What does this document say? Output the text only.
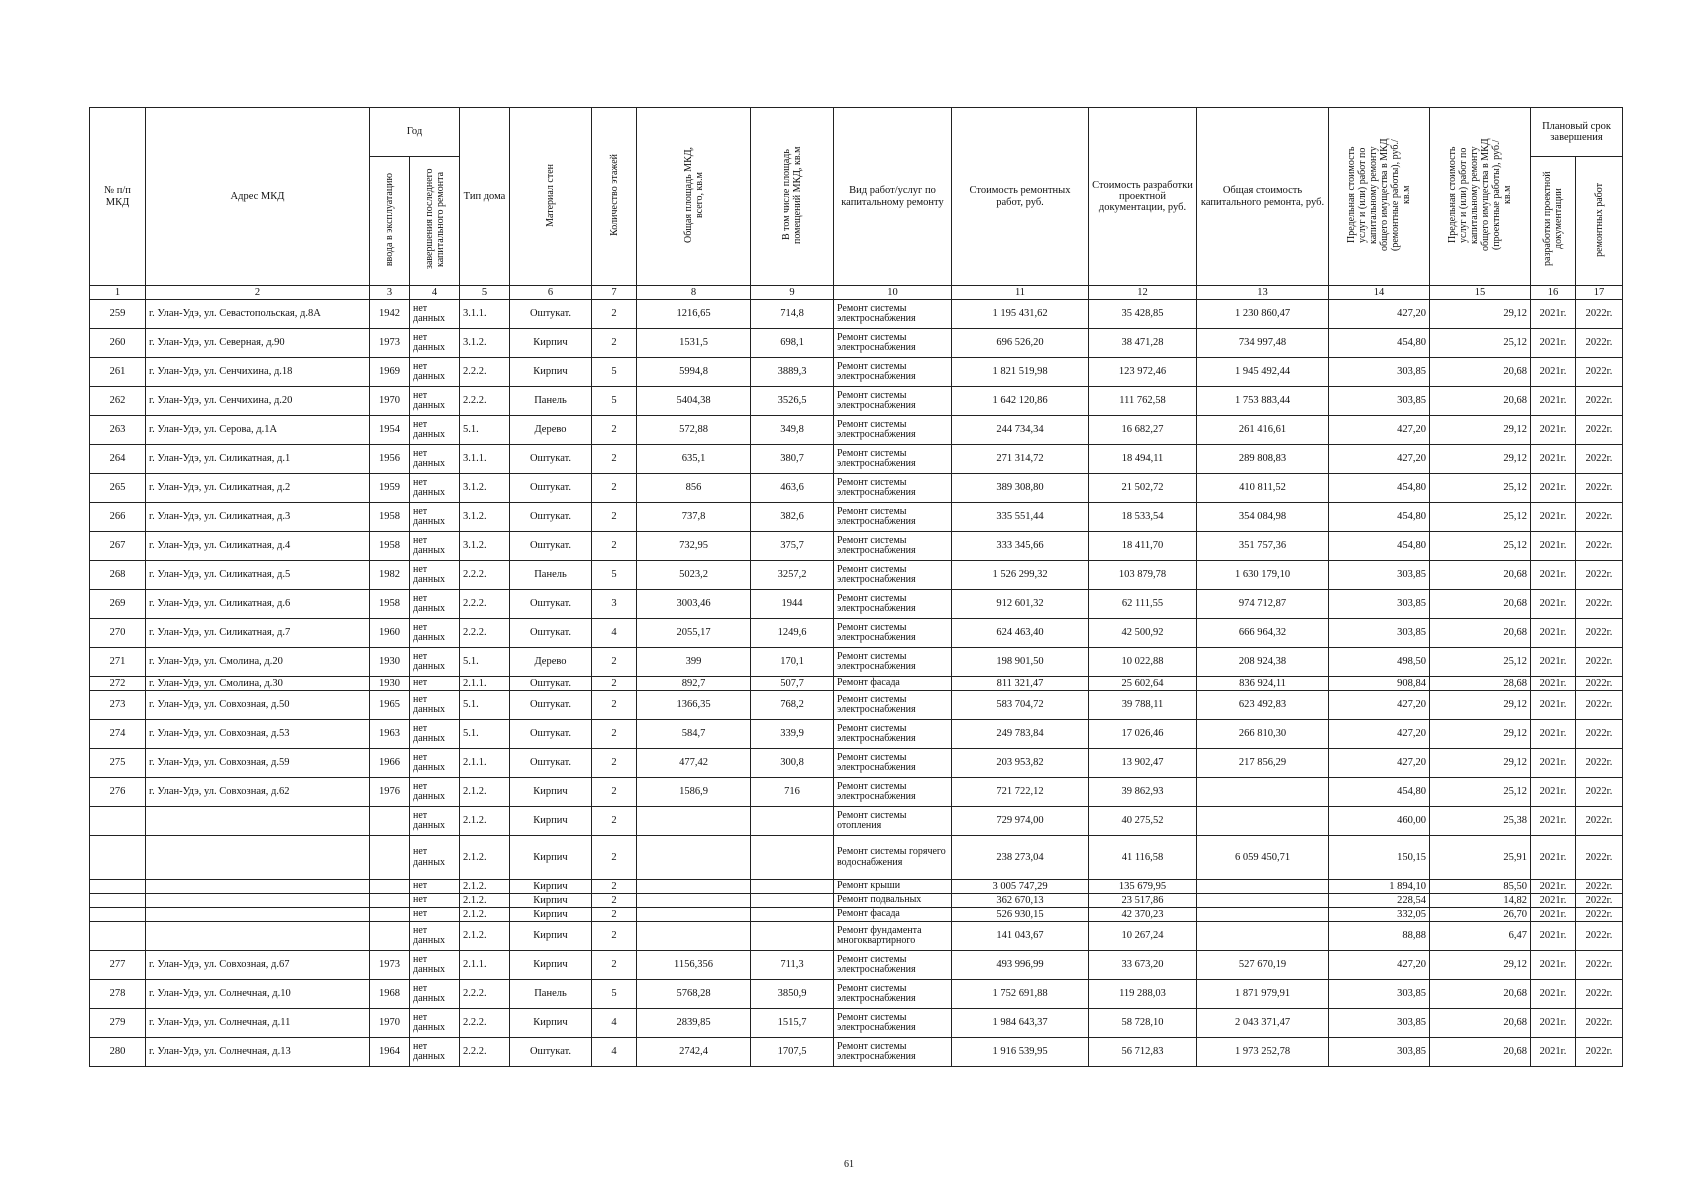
№ п/п МКД	Адрес МКД	Год		Тип дома	Материал стен	Количество этажей	Общая площадь МКД, всего, кв.м	В том числе площадь помещений МКД, кв.м	Вид работ/услуг по капитальному ремонту	Стоимость ремонтных работ, руб.	Стоимость разработки проектной документации, руб.	Общая стоимость капитального ремонта, руб.	Предельная стоимость услуг и (или) работ по капитальному ремонту общего имущества в МКД (ремонтные работы), руб./кв.м	Предельная стоимость услуг и (или) работ по капитальному ремонту общего имущества в МКД (проектные работы), руб./кв.м	Плановый срок завершения	
		ввода в эксплуатацию	завершения последнего капитального ремонта												разработки проектной документации	ремонтных работ
1	2	3	4	5	6	7	8	9	10	11	12	13	14	15	16	17
259	г. Улан-Удэ, ул. Севастопольская, д.8А	1942	нет данных	3.1.1.	Оштукат.	2	1216,65	714,8	Ремонт системы электроснабжения	1 195 431,62	35 428,85	1 230 860,47	427,20	29,12	2021г.	2022г.
260	г. Улан-Удэ, ул. Северная, д.90	1973	нет данных	3.1.2.	Кирпич	2	1531,5	698,1	Ремонт системы электроснабжения	696 526,20	38 471,28	734 997,48	454,80	25,12	2021г.	2022г.
261	г. Улан-Удэ, ул. Сенчихина, д.18	1969	нет данных	2.2.2.	Кирпич	5	5994,8	3889,3	Ремонт системы электроснабжения	1 821 519,98	123 972,46	1 945 492,44	303,85	20,68	2021г.	2022г.
262	г. Улан-Удэ, ул. Сенчихина, д.20	1970	нет данных	2.2.2.	Панель	5	5404,38	3526,5	Ремонт системы электроснабжения	1 642 120,86	111 762,58	1 753 883,44	303,85	20,68	2021г.	2022г.
263	г. Улан-Удэ, ул. Серова, д.1А	1954	нет данных	5.1.	Дерево	2	572,88	349,8	Ремонт системы электроснабжения	244 734,34	16 682,27	261 416,61	427,20	29,12	2021г.	2022г.
264	г. Улан-Удэ, ул. Силикатная, д.1	1956	нет данных	3.1.1.	Оштукат.	2	635,1	380,7	Ремонт системы электроснабжения	271 314,72	18 494,11	289 808,83	427,20	29,12	2021г.	2022г.
265	г. Улан-Удэ, ул. Силикатная, д.2	1959	нет данных	3.1.2.	Оштукат.	2	856	463,6	Ремонт системы электроснабжения	389 308,80	21 502,72	410 811,52	454,80	25,12	2021г.	2022г.
266	г. Улан-Удэ, ул. Силикатная, д.3	1958	нет данных	3.1.2.	Оштукат.	2	737,8	382,6	Ремонт системы электроснабжения	335 551,44	18 533,54	354 084,98	454,80	25,12	2021г.	2022г.
267	г. Улан-Удэ, ул. Силикатная, д.4	1958	нет данных	3.1.2.	Оштукат.	2	732,95	375,7	Ремонт системы электроснабжения	333 345,66	18 411,70	351 757,36	454,80	25,12	2021г.	2022г.
268	г. Улан-Удэ, ул. Силикатная, д.5	1982	нет данных	2.2.2.	Панель	5	5023,2	3257,2	Ремонт системы электроснабжения	1 526 299,32	103 879,78	1 630 179,10	303,85	20,68	2021г.	2022г.
269	г. Улан-Удэ, ул. Силикатная, д.6	1958	нет данных	2.2.2.	Оштукат.	3	3003,46	1944	Ремонт системы электроснабжения	912 601,32	62 111,55	974 712,87	303,85	20,68	2021г.	2022г.
270	г. Улан-Удэ, ул. Силикатная, д.7	1960	нет данных	2.2.2.	Оштукат.	4	2055,17	1249,6	Ремонт системы электроснабжения	624 463,40	42 500,92	666 964,32	303,85	20,68	2021г.	2022г.
271	г. Улан-Удэ, ул. Смолина, д.20	1930	нет данных	5.1.	Дерево	2	399	170,1	Ремонт системы электроснабжения	198 901,50	10 022,88	208 924,38	498,50	25,12	2021г.	2022г.
272	г. Улан-Удэ, ул. Смолина, д.30	1930	нет	2.1.1.	Оштукат.	2	892,7	507,7	Ремонт фасада	811 321,47	25 602,64	836 924,11	908,84	28,68	2021г.	2022г.
273	г. Улан-Удэ, ул. Совхозная, д.50	1965	нет данных	5.1.	Оштукат.	2	1366,35	768,2	Ремонт системы электроснабжения	583 704,72	39 788,11	623 492,83	427,20	29,12	2021г.	2022г.
274	г. Улан-Удэ, ул. Совхозная, д.53	1963	нет данных	5.1.	Оштукат.	2	584,7	339,9	Ремонт системы электроснабжения	249 783,84	17 026,46	266 810,30	427,20	29,12	2021г.	2022г.
275	г. Улан-Удэ, ул. Совхозная, д.59	1966	нет данных	2.1.1.	Оштукат.	2	477,42	300,8	Ремонт системы электроснабжения	203 953,82	13 902,47	217 856,29	427,20	29,12	2021г.	2022г.
276	г. Улан-Удэ, ул. Совхозная, д.62	1976	нет данных	2.1.2.	Кирпич	2	1586,9	716	Ремонт системы электроснабжения	721 722,12	39 862,93		454,80	25,12	2021г.	2022г.
			нет данных	2.1.2.	Кирпич	2			Ремонт системы отопления	729 974,00	40 275,52		460,00	25,38	2021г.	2022г.
			нет данных	2.1.2.	Кирпич	2			Ремонт системы горячего водоснабжения	238 273,04	41 116,58	6 059 450,71	150,15	25,91	2021г.	2022г.
			нет	2.1.2.	Кирпич	2			Ремонт крыши	3 005 747,29	135 679,95		1 894,10	85,50	2021г.	2022г.
			нет	2.1.2.	Кирпич	2			Ремонт подвальных	362 670,13	23 517,86		228,54	14,82	2021г.	2022г.
			нет	2.1.2.	Кирпич	2			Ремонт фасада	526 930,15	42 370,23		332,05	26,70	2021г.	2022г.
			нет данных	2.1.2.	Кирпич	2			Ремонт фундамента многоквартирного	141 043,67	10 267,24		88,88	6,47	2021г.	2022г.
277	г. Улан-Удэ, ул. Совхозная, д.67	1973	нет данных	2.1.1.	Кирпич	2	1156,356	711,3	Ремонт системы электроснабжения	493 996,99	33 673,20	527 670,19	427,20	29,12	2021г.	2022г.
278	г. Улан-Удэ, ул. Солнечная, д.10	1968	нет данных	2.2.2.	Панель	5	5768,28	3850,9	Ремонт системы электроснабжения	1 752 691,88	119 288,03	1 871 979,91	303,85	20,68	2021г.	2022г.
279	г. Улан-Удэ, ул. Солнечная, д.11	1970	нет данных	2.2.2.	Кирпич	4	2839,85	1515,7	Ремонт системы электроснабжения	1 984 643,37	58 728,10	2 043 371,47	303,85	20,68	2021г.	2022г.
280	г. Улан-Удэ, ул. Солнечная, д.13	1964	нет данных	2.2.2.	Оштукат.	4	2742,4	1707,5	Ремонт системы электроснабжения	1 916 539,95	56 712,83	1 973 252,78	303,85	20,68	2021г.	2022г.
61
